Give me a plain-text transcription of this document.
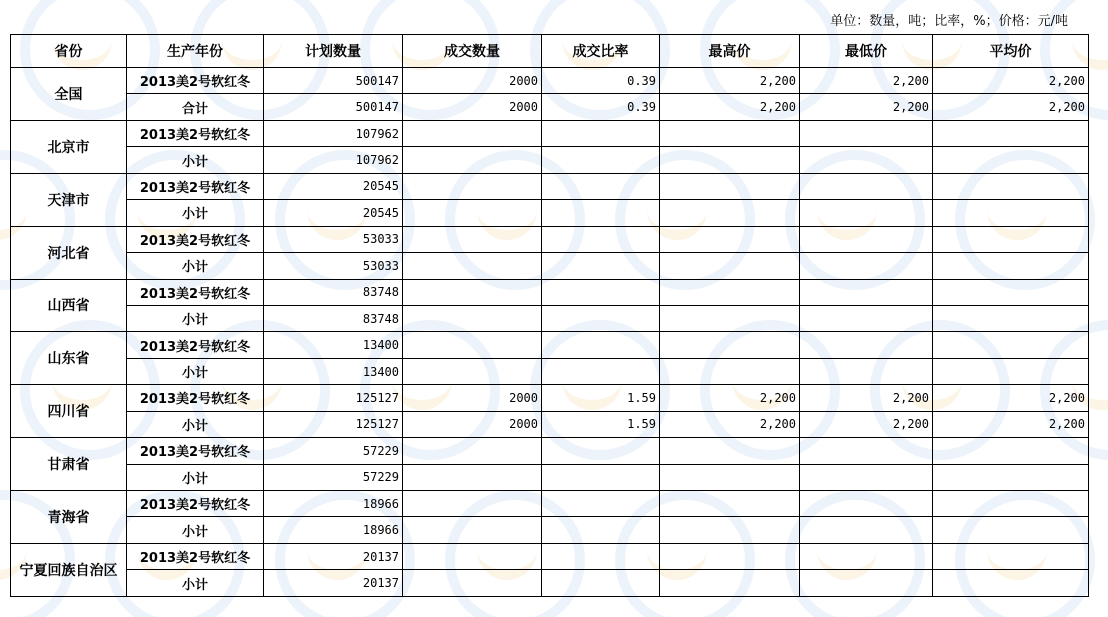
单位：数量，吨；比率，%；价格：元/吨
省份	生产年份	计划数量	成交数量	成交比率	最高价	最低价	平均价
全国	2013美2号软红冬	500147	2000	0.39	2,200	2,200	2,200
	合计	500147	2000	0.39	2,200	2,200	2,200
北京市	2013美2号软红冬	107962					
	小计	107962					
天津市	2013美2号软红冬	20545					
	小计	20545					
河北省	2013美2号软红冬	53033					
	小计	53033					
山西省	2013美2号软红冬	83748					
	小计	83748					
山东省	2013美2号软红冬	13400					
	小计	13400					
四川省	2013美2号软红冬	125127	2000	1.59	2,200	2,200	2,200
	小计	125127	2000	1.59	2,200	2,200	2,200
甘肃省	2013美2号软红冬	57229					
	小计	57229					
青海省	2013美2号软红冬	18966					
	小计	18966					
宁夏回族自治区	2013美2号软红冬	20137					
	小计	20137					
